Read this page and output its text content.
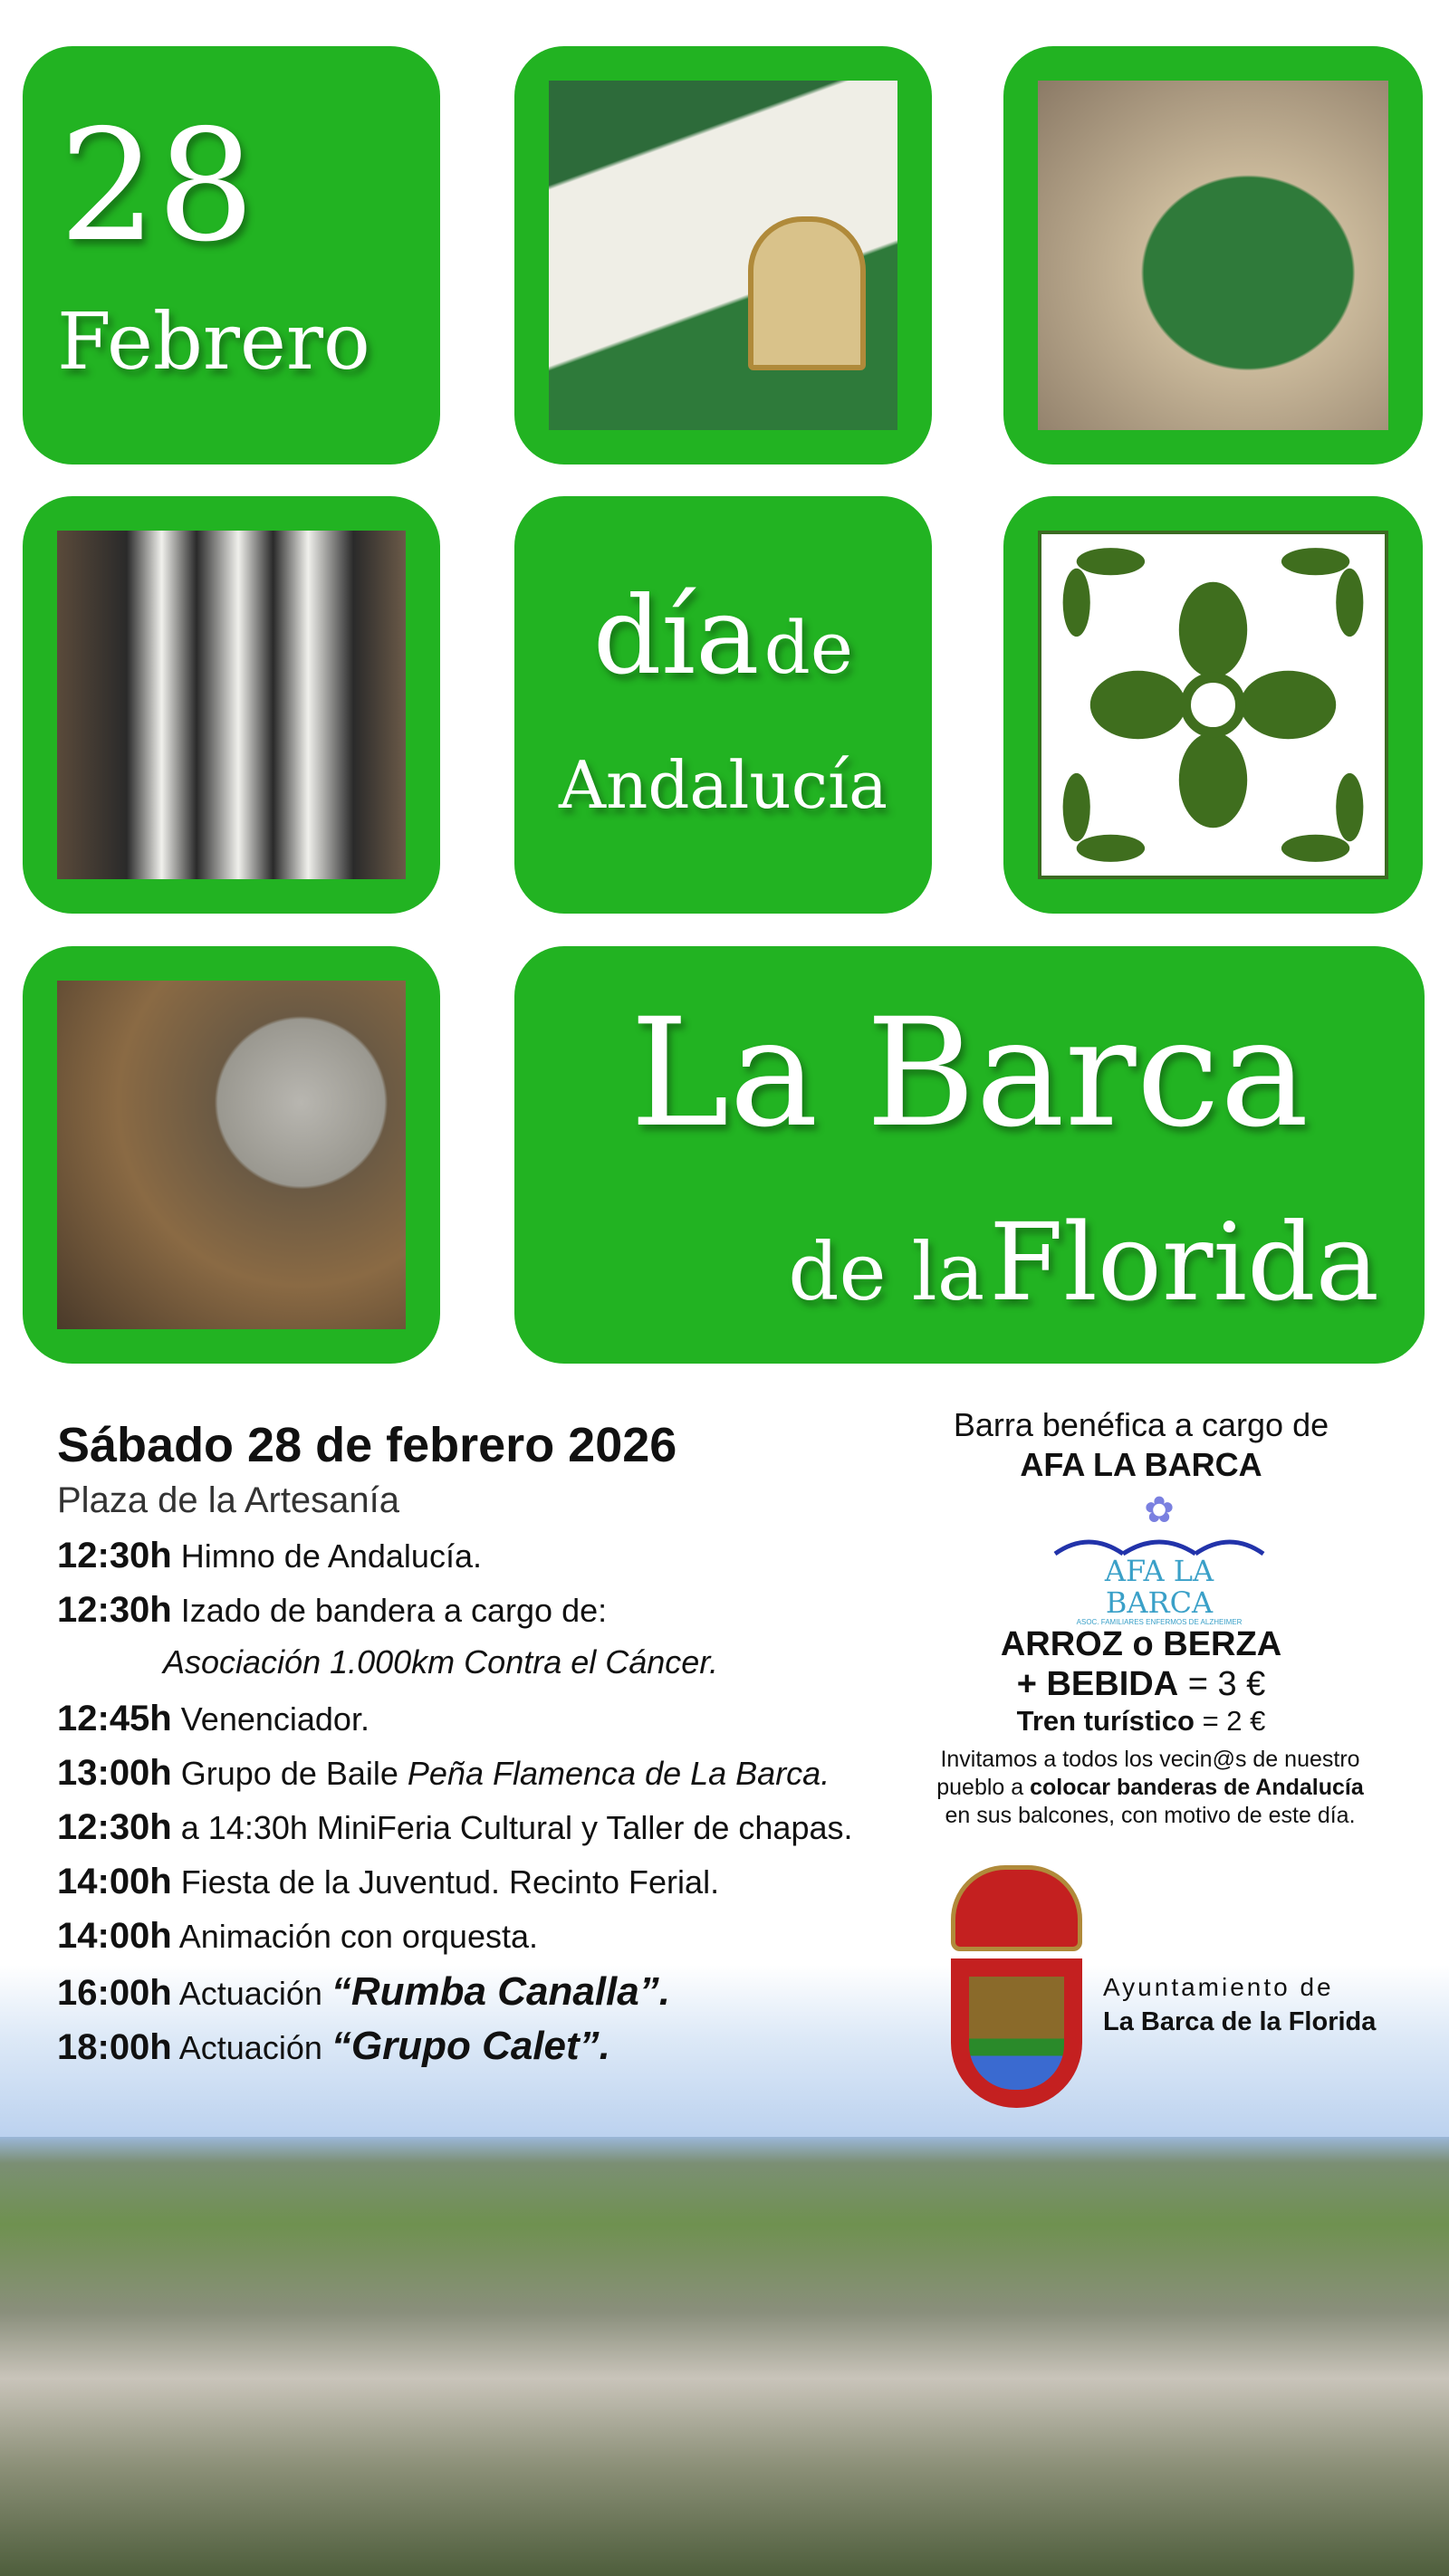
28
Febrero
día de
Andalucía
La Barca
de la Florida
Sábado 28 de febrero 2026
Plaza de la Artesanía
12:30h Himno de Andalucía.
12:30h Izado de bandera a cargo de:
Asociación 1.000km Contra el Cáncer.
12:45h Venenciador.
13:00h Grupo de Baile Peña Flamenca de La Barca.
12:30h a 14:30h MiniFeria Cultural y Taller de chapas.
14:00h Fiesta de la Juventud. Recinto Ferial.
14:00h Animación con orquesta.
16:00h Actuación “Rumba Canalla”.
18:00h Actuación “Grupo Calet”.
Barra benéfica a cargo de
AFA LA BARCA
✿
AFA LA BARCA
ASOC. FAMILIARES ENFERMOS DE ALZHEIMER
ARROZ o BERZA
+ BEBIDA = 3 €
Tren turístico = 2 €
Invitamos a todos los vecin@s de nuestro
pueblo a colocar banderas de Andalucía
en sus balcones, con motivo de este día.
Ayuntamiento de
La Barca de la Florida
